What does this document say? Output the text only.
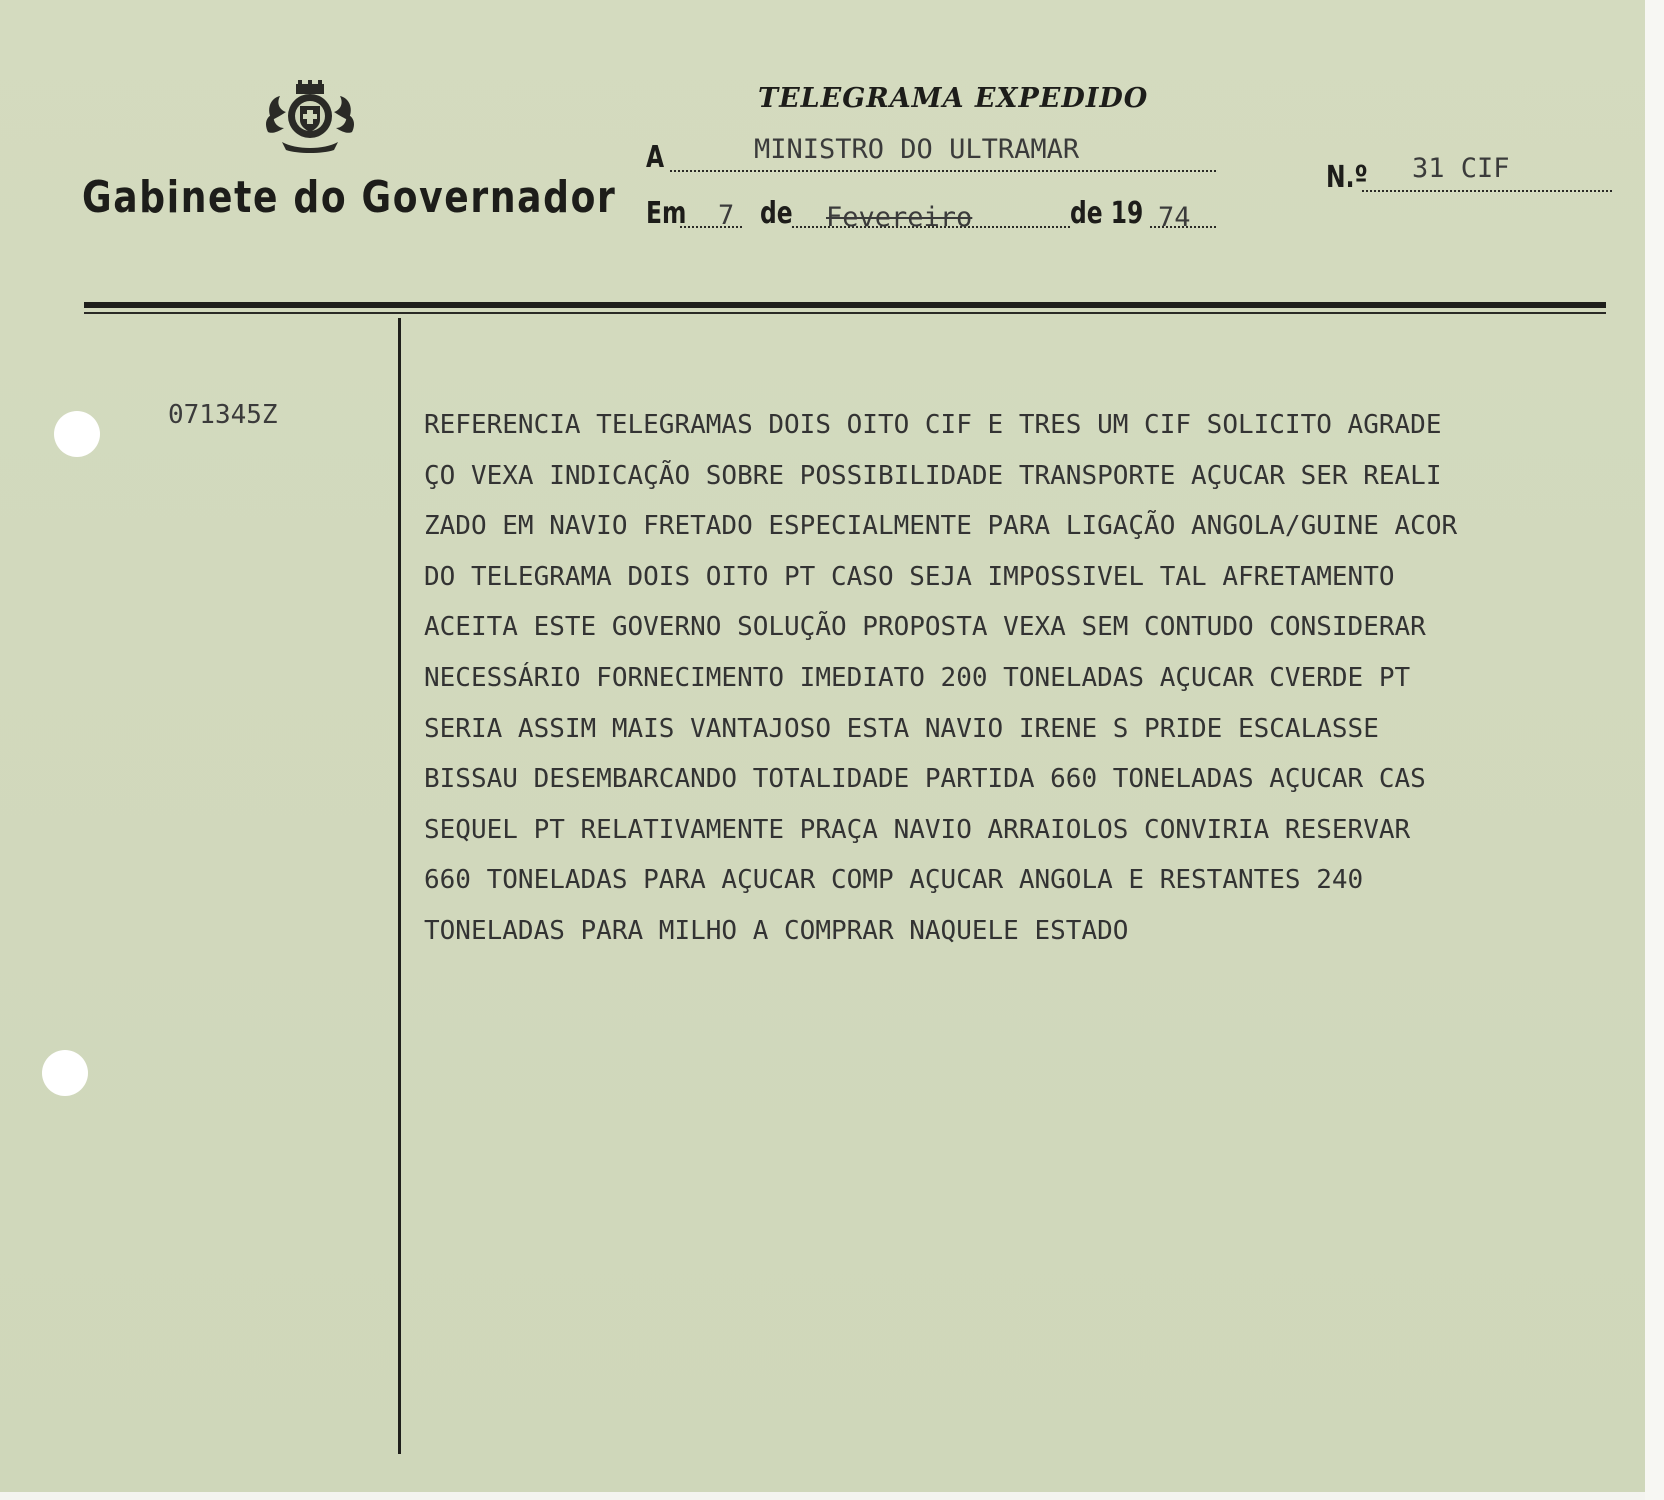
Gabinete do Governador
TELEGRAMA EXPEDIDO
A	MINISTRO DO ULTRAMAR
N.º 31 CIF
Em 7 de Fevereiro	de 19 74
071345Z	REFERENCIA TELEGRAMAS DOIS OITO CIF E TRES UM CIF SOLICITO AGRADE
ÇO VEXA INDICAÇÃO SOBRE POSSIBILIDADE TRANSPORTE AÇUCAR SER REALI
ZADO EM NAVIO FRETADO ESPECIALMENTE PARA LIGAÇÃO ANGOLA/GUINE ACOR
DO TELEGRAMA DOIS OITO PT CASO SEJA IMPOSSIVEL TAL AFRETAMENTO
ACEITA ESTE GOVERNO SOLUÇÃO PROPOSTA VEXA SEM CONTUDO CONSIDERAR
NECESSÁRIO FORNECIMENTO IMEDIATO 200 TONELADAS AÇUCAR CVERDE PT
SERIA ASSIM MAIS VANTAJOSO ESTA NAVIO IRENE S PRIDE ESCALASSE
BISSAU DESEMBARCANDO TOTALIDADE PARTIDA 660 TONELADAS AÇUCAR CAS
SEQUEL PT RELATIVAMENTE PRAÇA NAVIO ARRAIOLOS CONVIRIA RESERVAR
660 TONELADAS PARA AÇUCAR COMP AÇUCAR ANGOLA E RESTANTES 240
TONELADAS PARA MILHO A COMPRAR NAQUELE ESTADO
